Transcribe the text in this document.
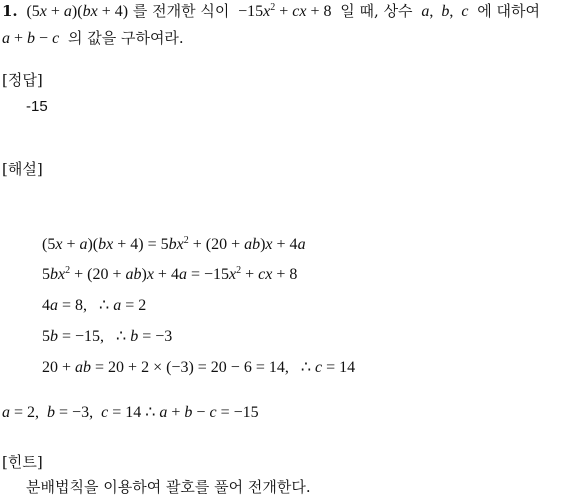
1.  (5x + a)(bx + 4) 를 전개한 식이  $-15x^2$ + cx + 8  일 때, 상수 a,  b,  c 에 대하여
a + b − c 의 값을 구하여라.
[정답]
-15
[해설]
$(5x + a)(bx + 4) = 5bx^2 + (20 + ab)x + 4a$
$5bx^2 + (20 + ab)x + 4a = -15x^2$ + cx + 8
4a = 8,   ∴ a = 2
5b = −15,   ∴ b = −3
20 + ab = 20 + 2 × (−3) = 20 − 6 = 14,   ∴ c = 14
a = 2,  b = −3,  c = 14 ∴ a + b − c = −15
[힌트]
분배법칙을 이용하여 괄호를 풀어 전개한다.
